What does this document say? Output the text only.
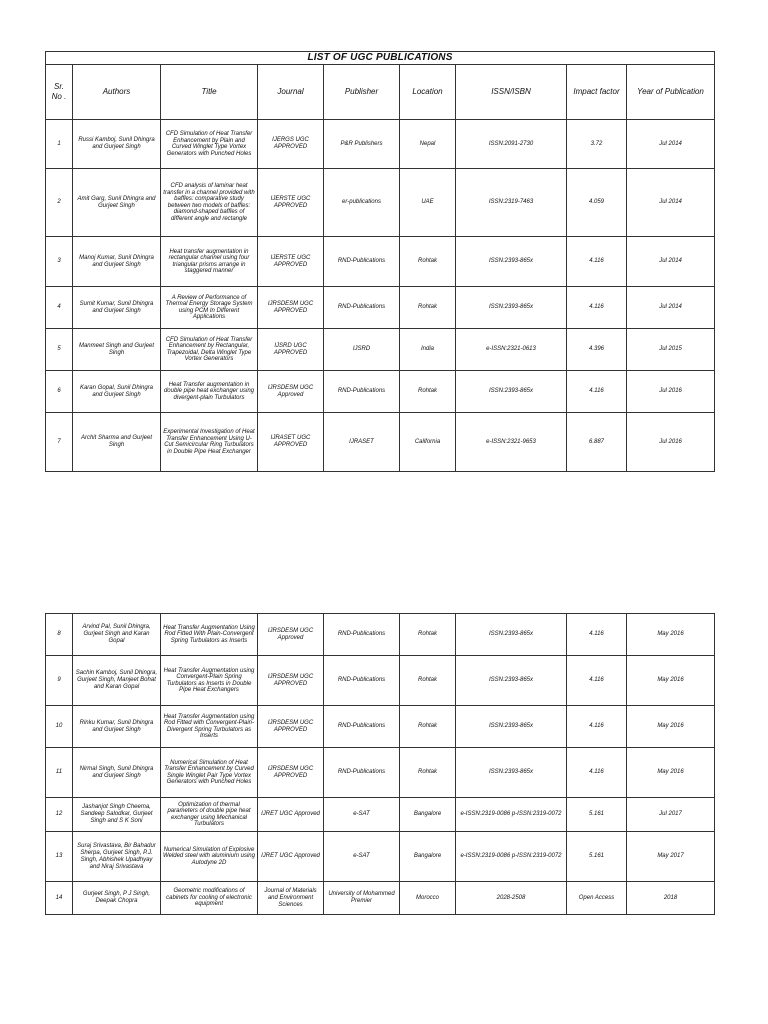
LIST OF UGC PUBLICATIONS								
Sr. No .	Authors	Title	Journal	Publisher	Location	ISSN/ISBN	Impact factor	Year of Publication
1	Russi Kamboj, Sunil Dhingra and Gurjeet Singh	CFD Simulation of Heat Transfer Enhancement by Plain and Curved Winglet Type Vortex Generators with Punched Holes	IJERGS UGC APPROVED	P&R Publishers	Nepal	ISSN:2091-2730	3.72	Jul 2014
2	Amit Garg, Sunil Dhingra and Gurjeet Singh	CFD analysis of laminar heat transfer in a channel provided with baffles: comparative study between two models of baffles: diamond-shaped baffles of different angle and rectangle	IJERSTE UGC APPROVED	er-publications	UAE	ISSN:2319-7463	4.059	Jul 2014
3	Manoj Kumar, Sunil Dhingra and Gurjeet Singh	Heat transfer augmentation in rectangular channel using four triangular prisms arrange in staggered manner	IJERSTE UGC APPROVED	RND-Publications	Rohtak	ISSN:2393-865x	4.116	Jul 2014
4	Sumit Kumar, Sunil Dhingra and Gurjeet Singh	A Review of Performance of Thermal Energy Storage System using PCM In Different Applications	IJRSDESM UGC APPROVED	RND-Publications	Rohtak	ISSN:2393-865x	4.116	Jul 2014
5	Manmeet Singh and Gurjeet Singh	CFD Simulation of Heat Transfer Enhancement by Rectangular, Trapezoidal, Delta Winglet Type Vortex Generators	IJSRD UGC APPROVED	IJSRD	India	e-ISSN:2321-0613	4.396	Jul 2015
6	Karan Gopal, Sunil Dhingra and Gurjeet Singh	Heat Transfer augmentation in double pipe heat exchanger using divergent-plain Turbulators	IJRSDESM UGC Approved	RND-Publications	Rohtak	ISSN:2393-865x	4.116	Jul 2016
7	Archit Sharma and Gurjeet Singh	Experimental Investigation of Heat Transfer Enhancement Using U-Cut Semicircular Ring Turbulators in Double Pipe Heat Exchanger	IJRASET UGC APPROVED	IJRASET	California	e-ISSN:2321-9653	6.887	Jul 2016
8	Arvind Pal, Sunil Dhingra, Gurjeet Singh and Karan Gopal	Heat Transfer Augmentation Using Rod Fitted With Plain-Convergent Spring Turbulators as Inserts	IJRSDESM UGC Approved	RND-Publications	Rohtak	ISSN:2393-865x	4.116	May 2016
9	Sachin Kamboj, Sunil Dhingra, Gurjeet Singh, Manjeet Bohat and Karan Gopal	Heat Transfer Augmentation using Convergent-Plain Spring Turbulators as Inserts in Double Pipe Heat Exchangers	IJRSDESM UGC APPROVED	RND-Publications	Rohtak	ISSN:2393-865x	4.116	May 2016
10	Rinku Kumar, Sunil Dhingra and Gurjeet Singh	Heat Transfer Augmentation using Rod Fitted with Convergent-Plain-Divergent Spring Turbulators as Inserts	IJRSDESM UGC APPROVED	RND-Publications	Rohtak	ISSN:2393-865x	4.116	May 2016
11	Nirmal Singh, Sunil Dhingra and Gurjeet Singh	Numerical Simulation of Heat Transfer Enhancement by Curved Single Winglet Pair Type Vortex Generators with Punched Holes	IJRSDESM UGC APPROVED	RND-Publications	Rohtak	ISSN:2393-865x	4.116	May 2016
12	Jashanjot Singh Cheema, Sandeep Salodkar, Gurjeet Singh and S K Soni	Optimization of thermal parameters of double pipe heat exchanger using Mechanical Turbulators	IJRET UGC Approved	e-SAT	Bangalore	e-ISSN:2319-0086 p-ISSN:2319-0072	5.161	Jul 2017
13	Suraj Srivastava, Bir Bahadur Sherpa, Gurjeet Singh, P.J. Singh, Abhishek Upadhyay and Niraj Srivastava	Numerical Simulation of Explosive Welded steel with aluminium using Autodyne 2D	IJRET UGC Approved	e-SAT	Bangalore	e-ISSN:2319-0086 p-ISSN:2319-0072	5.161	May 2017
14	Gurjeet Singh, P J Singh, Deepak Chopra	Geometric modifications of cabinets for cooling of electronic equipment	Journal of Materials and Environment Sciences	University of Mohammed Premier	Morocco	2028-2508	Open Access	2018
